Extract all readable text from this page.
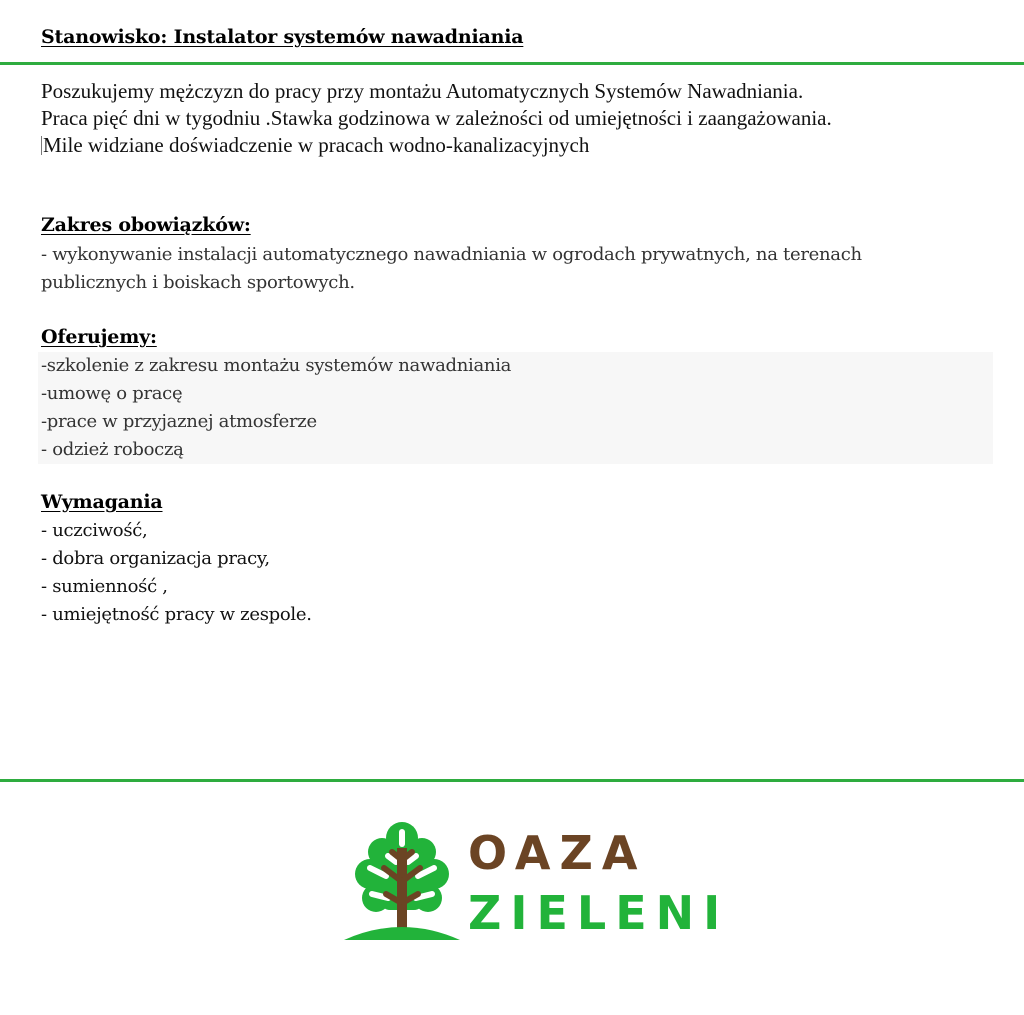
Stanowisko: Instalator systemów nawadniania
Poszukujemy mężczyzn do pracy przy montażu Automatycznych Systemów Nawadniania.
Praca pięć dni w tygodniu .Stawka godzinowa w zależności od umiejętności i zaangażowania.
Mile widziane doświadczenie w pracach wodno-kanalizacyjnych
Zakres obowiązków:
- wykonywanie instalacji automatycznego nawadniania w ogrodach prywatnych, na terenach
publicznych i boiskach sportowych.
Oferujemy:
-szkolenie z zakresu montażu systemów nawadniania
-umowę o pracę
-prace w przyjaznej atmosferze
- odzież roboczą
Wymagania
- uczciwość,
- dobra organizacja pracy,
- sumienność ,
- umiejętność pracy w zespole.
OAZA
ZIELENI
